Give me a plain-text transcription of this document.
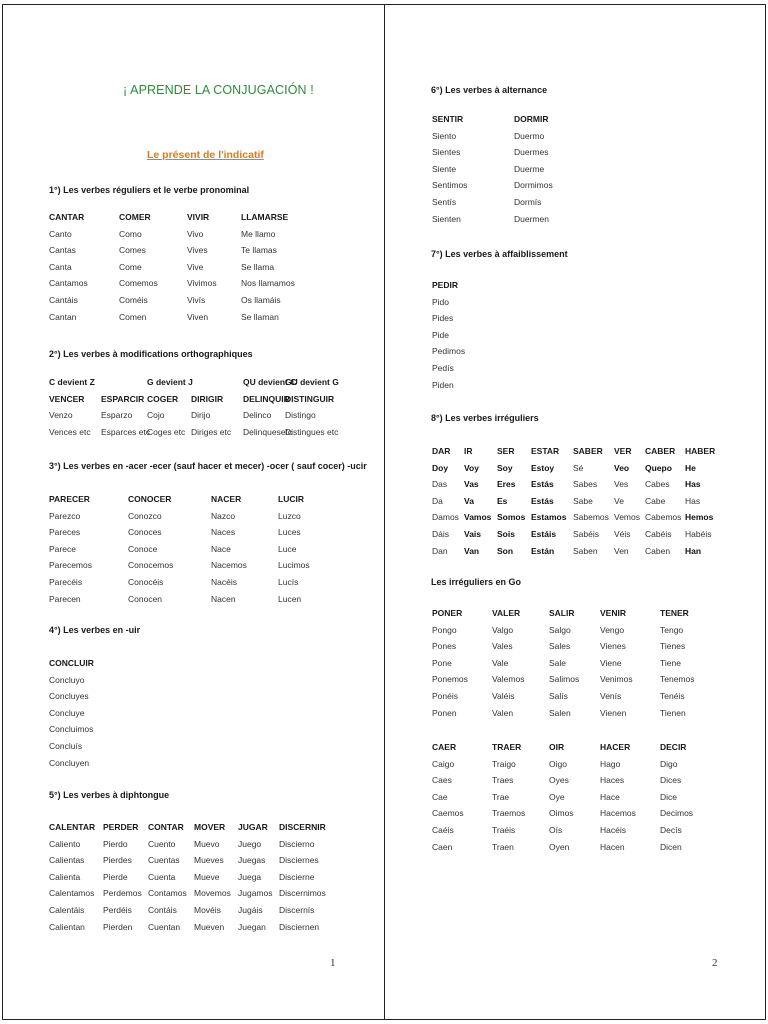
¡ APRENDE LA CONJUGACIÓN !
Le présent de l'indicatif
1
1°) Les verbes réguliers et le verbe pronominal
CANTAR
Canto
Cantas
Canta
Cantamos
Cantáis
Cantan
COMER
Como
Comes
Come
Comemos
Coméis
Comen
VIVIR
Vivo
Vives
Vive
Vivimos
Vivís
Viven
LLAMARSE
Me llamo
Te llamas
Se llama
Nos llamamos
Os llamáis
Se llaman
2°) Les verbes à modifications orthographiques
C devient Z
VENCER
Venzo
Vences etc
ESPARCIR
Esparzo
Esparces etc
G devient J
COGER
Cojo
Coges etc
DIRIGIR
Dirijo
Diriges etc
QU devient C
DELINQUIR
Delinco
Delinquesetc
GU devient G
DISTINGUIR
Distingo
Distingues etc
3°) Les verbes en -acer -ecer (sauf hacer et mecer) -ocer ( sauf cocer) -ucir
PARECER
Parezco
Pareces
Parece
Parecemos
Parecéis
Parecen
CONOCER
Conozco
Conoces
Conoce
Conocemos
Conocéis
Conocen
NACER
Nazco
Naces
Nace
Nacemos
Nacéis
Nacen
LUCIR
Luzco
Luces
Luce
Lucimos
Lucís
Lucen
4°) Les verbes en -uir
CONCLUIR
Concluyo
Concluyes
Concluye
Concluimos
Concluís
Concluyen
5°) Les verbes à diphtongue
CALENTAR
Caliento
Calientas
Calienta
Calentamos
Calentáis
Calientan
PERDER
Pierdo
Pierdes
Pierde
Perdemos
Perdéis
Pierden
CONTAR
Cuento
Cuentas
Cuenta
Contamos
Contáis
Cuentan
MOVER
Muevo
Mueves
Mueve
Movemos
Movéis
Mueven
JUGAR
Juego
Juegas
Juega
Jugamos
Jugáis
Juegan
DISCERNIR
Discierno
Disciernes
Discierne
Discernimos
Discernís
Disciernen
2
6°) Les verbes à alternance
SENTIR
Siento
Sientes
Siente
Sentimos
Sentís
Sienten
DORMIR
Duermo
Duermes
Duerme
Dormimos
Dormís
Duermen
7°) Les verbes à affaiblissement
PEDIR
Pido
Pides
Pide
Pedimos
Pedís
Piden
8°) Les verbes irréguliers
DAR
Doy
Das
Da
Damos
Dáis
Dan
IR
Voy
Vas
Va
Vamos
Vais
Van
SER
Soy
Eres
Es
Somos
Sois
Son
ESTAR
Estoy
Estás
Estás
Estamos
Estáis
Están
SABER
Sé
Sabes
Sabe
Sabemos
Sabéis
Saben
VER
Veo
Ves
Ve
Vemos
Véis
Ven
CABER
Quepo
Cabes
Cabe
Cabemos
Cabéis
Caben
HABER
He
Has
Has
Hemos
Habéis
Han
Les irréguliers en Go
PONER
Pongo
Pones
Pone
Ponemos
Ponéis
Ponen
VALER
Valgo
Vales
Vale
Valemos
Valéis
Valen
SALIR
Salgo
Sales
Sale
Salimos
Salís
Salen
VENIR
Vengo
Vienes
Viene
Venimos
Venís
Vienen
TENER
Tengo
Tienes
Tiene
Tenemos
Tenéis
Tienen
CAER
Caigo
Caes
Cae
Caemos
Caéis
Caen
TRAER
Traigo
Traes
Trae
Traemos
Traéis
Traen
OIR
Oigo
Oyes
Oye
Oimos
Oís
Oyen
HACER
Hago
Haces
Hace
Hacemos
Hacéis
Hacen
DECIR
Digo
Dices
Dice
Decimos
Decís
Dicen
